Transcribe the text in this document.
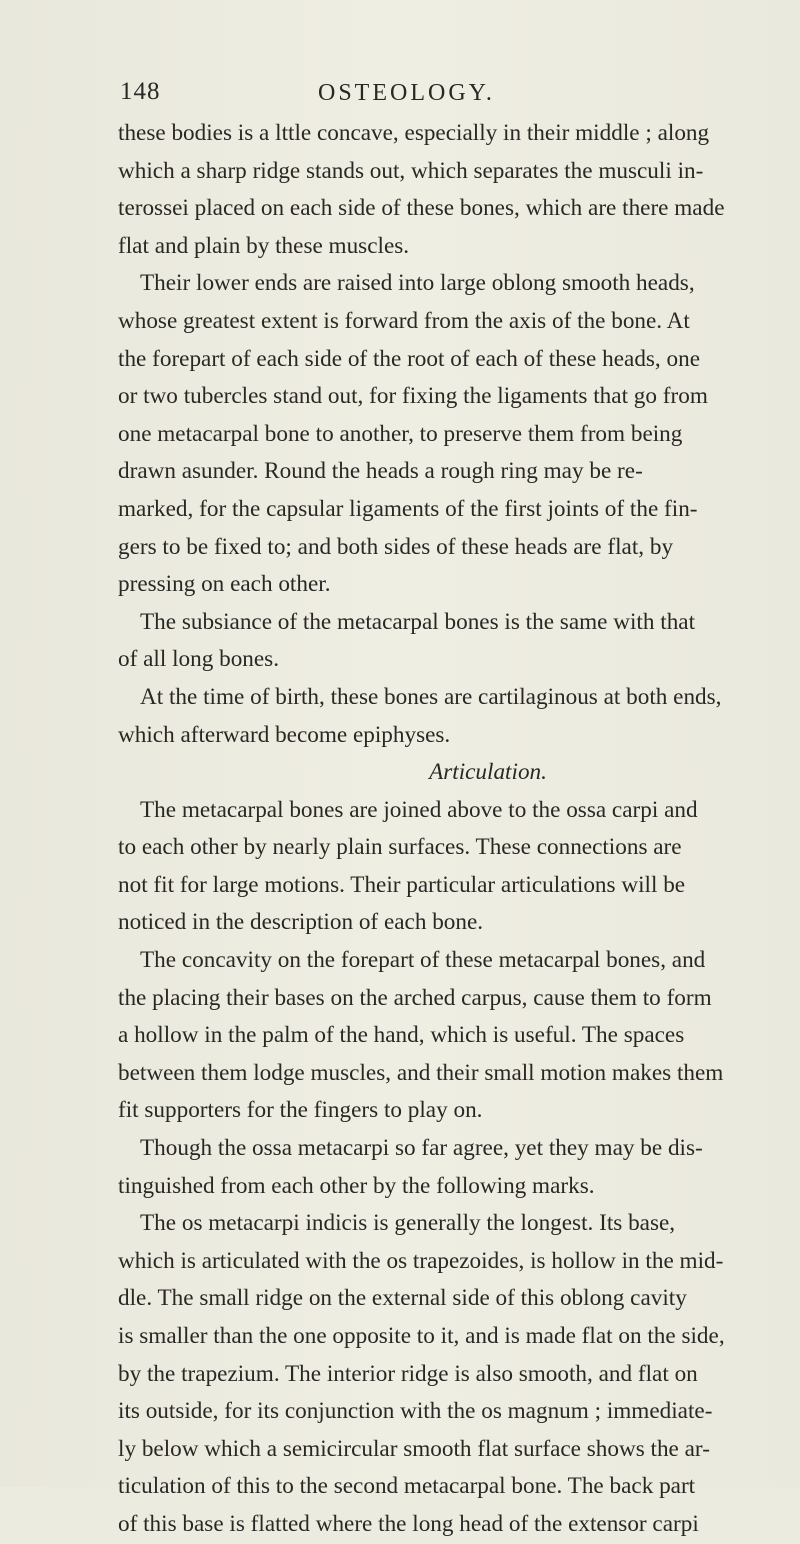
148	OSTEOLOGY.
these bodies is a lttle concave, especially in their middle ; along
which a sharp ridge stands out, which separates the musculi in-
terossei placed on each side of these bones, which are there made
flat and plain by these muscles.
Their lower ends are raised into large oblong smooth heads,
whose greatest extent is forward from the axis of the bone. At
the forepart of each side of the root of each of these heads, one
or two tubercles stand out, for fixing the ligaments that go from
one metacarpal bone to another, to preserve them from being
drawn asunder. Round the heads a rough ring may be re-
marked, for the capsular ligaments of the first joints of the fin-
gers to be fixed to; and both sides of these heads are flat, by
pressing on each other.
The subsiance of the metacarpal bones is the same with that
of all long bones.
At the time of birth, these bones are cartilaginous at both ends,
which afterward become epiphyses.
Articulation.
The metacarpal bones are joined above to the ossa carpi and
to each other by nearly plain surfaces. These connections are
not fit for large motions. Their particular articulations will be
noticed in the description of each bone.
The concavity on the forepart of these metacarpal bones, and
the placing their bases on the arched carpus, cause them to form
a hollow in the palm of the hand, which is useful. The spaces
between them lodge muscles, and their small motion makes them
fit supporters for the fingers to play on.
Though the ossa metacarpi so far agree, yet they may be dis-
tinguished from each other by the following marks.
The os metacarpi indicis is generally the longest. Its base,
which is articulated with the os trapezoides, is hollow in the mid-
dle. The small ridge on the external side of this oblong cavity
is smaller than the one opposite to it, and is made flat on the side,
by the trapezium. The interior ridge is also smooth, and flat on
its outside, for its conjunction with the os magnum ; immediate-
ly below which a semicircular smooth flat surface shows the ar-
ticulation of this to the second metacarpal bone. The back part
of this base is flatted where the long head of the extensor carpi
